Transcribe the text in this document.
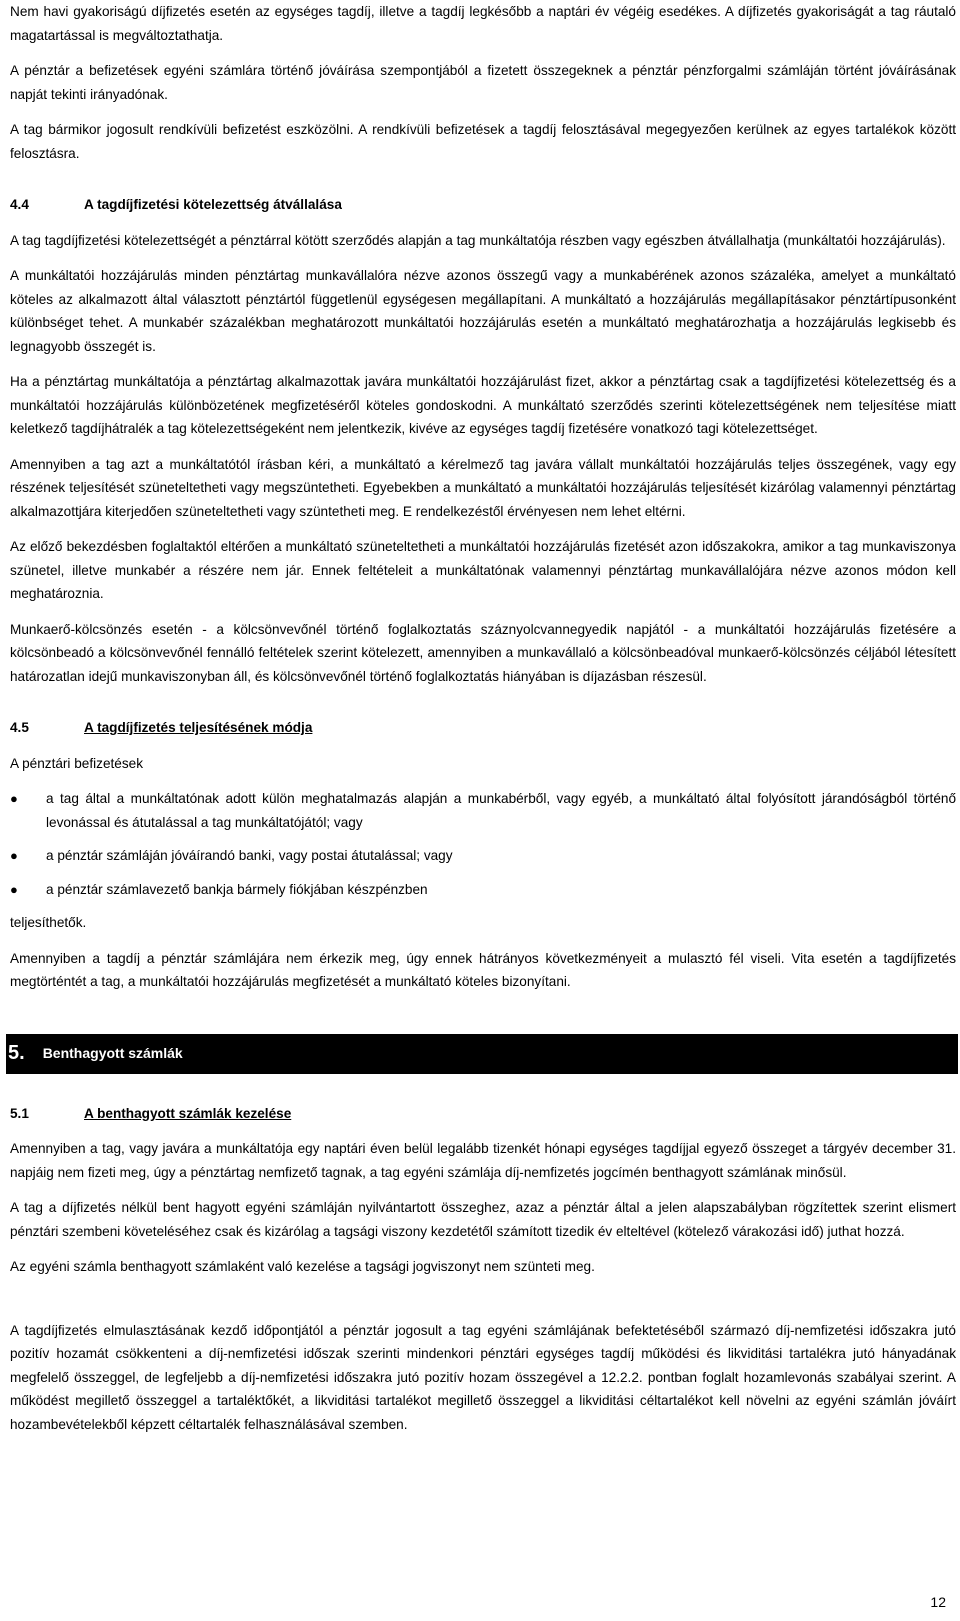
Nem havi gyakoriságú díjfizetés esetén az egységes tagdíj, illetve a tagdíj legkésőbb a naptári év végéig esedékes. A díjfizetés gyakoriságát a tag ráutaló magatartással is megváltoztathatja.

A pénztár a befizetések egyéni számlára történő jóváírása szempontjából a fizetett összegeknek a pénztár pénzforgalmi számláján történt jóváírásának napját tekinti irányadónak.

A tag bármikor jogosult rendkívüli befizetést eszközölni. A rendkívüli befizetések a tagdíj felosztásával megegyezően kerülnek az egyes tartalékok között felosztásra.

4.4	A tagdíjfizetési kötelezettség átvállalása

A tag tagdíjfizetési kötelezettségét a pénztárral kötött szerződés alapján a tag munkáltatója részben vagy egészben átvállalhatja (munkáltatói hozzájárulás).

A munkáltatói hozzájárulás minden pénztártag munkavállalóra nézve azonos összegű vagy a munkabérének azonos százaléka, amelyet a munkáltató köteles az alkalmazott által választott pénztártól függetlenül egységesen megállapítani. A munkáltató a hozzájárulás megállapításakor pénztártípusonként különbséget tehet. A munkabér százalékban meghatározott munkáltatói hozzájárulás esetén a munkáltató meghatározhatja a hozzájárulás legkisebb és legnagyobb összegét is.

Ha a pénztártag munkáltatója a pénztártag alkalmazottak javára munkáltatói hozzájárulást fizet, akkor a pénztártag csak a tagdíjfizetési kötelezettség és a munkáltatói hozzájárulás különbözetének megfizetéséről köteles gondoskodni. A munkáltató szerződés szerinti kötelezettségének nem teljesítése miatt keletkező tagdíjhátralék a tag kötelezettségeként nem jelentkezik, kivéve az egységes tagdíj fizetésére vonatkozó tagi kötelezettséget.

Amennyiben a tag azt a munkáltatótól írásban kéri, a munkáltató a kérelmező tag javára vállalt munkáltatói hozzájárulás teljes összegének, vagy egy részének teljesítését szüneteltetheti vagy megszüntetheti. Egyebekben a munkáltató a munkáltatói hozzájárulás teljesítését kizárólag valamennyi pénztártag alkalmazottjára kiterjedően szüneteltetheti vagy szüntetheti meg. E rendelkezéstől érvényesen nem lehet eltérni.

Az előző bekezdésben foglaltaktól eltérően a munkáltató szüneteltetheti a munkáltatói hozzájárulás fizetését azon időszakokra, amikor a tag munkaviszonya szünetel, illetve munkabér a részére nem jár. Ennek feltételeit a munkáltatónak valamennyi pénztártag munkavállalójára nézve azonos módon kell meghatároznia.

Munkaerő-kölcsönzés esetén - a kölcsönvevőnél történő foglalkoztatás száznyolcvannegyedik napjától - a munkáltatói hozzájárulás fizetésére a kölcsönbeadó a kölcsönvevőnél fennálló feltételek szerint kötelezett, amennyiben a munkavállaló a kölcsönbeadóval munkaerő-kölcsönzés céljából létesített határozatlan idejű munkaviszonyban áll, és kölcsönvevőnél történő foglalkoztatás hiányában is díjazásban részesül.

4.5	A tagdíjfizetés teljesítésének módja

A pénztári befizetések

● a tag által a munkáltatónak adott külön meghatalmazás alapján a munkabérből, vagy egyéb, a munkáltató által folyósított járandóságból történő levonással és átutalással a tag munkáltatójától; vagy
● a pénztár számláján jóváírandó banki, vagy postai átutalással; vagy
● a pénztár számlavezető bankja bármely fiókjában készpénzben

teljesíthetők.

Amennyiben a tagdíj a pénztár számlájára nem érkezik meg, úgy ennek hátrányos következményeit a mulasztó fél viseli. Vita esetén a tagdíjfizetés megtörténtét a tag, a munkáltatói hozzájárulás megfizetését a munkáltató köteles bizonyítani.

5. Benthagyott számlák
5.1	A benthagyott számlák kezelése

Amennyiben a tag, vagy javára a munkáltatója egy naptári éven belül legalább tizenkét hónapi egységes tagdíjjal egyező összeget a tárgyév december 31. napjáig nem fizeti meg, úgy a pénztártag nemfizető tagnak, a tag egyéni számlája díj-nemfizetés jogcímén benthagyott számlának minősül.

A tag a díjfizetés nélkül bent hagyott egyéni számláján nyilvántartott összeghez, azaz a pénztár által a jelen alapszabályban rögzítettek szerint elismert pénztári szembeni követeléséhez csak és kizárólag a tagsági viszony kezdetétől számított tizedik év elteltével (kötelező várakozási idő) juthat hozzá.

Az egyéni számla benthagyott számlaként való kezelése a tagsági jogviszonyt nem szünteti meg.

A tagdíjfizetés elmulasztásának kezdő időpontjától a pénztár jogosult a tag egyéni számlájának befektetéséből származó díj-nemfizetési időszakra jutó pozitív hozamát csökkenteni a díj-nemfizetési időszak szerinti mindenkori pénztári egységes tagdíj működési és likviditási tartalékra jutó hányadának megfelelő összeggel, de legfeljebb a díj-nemfizetési időszakra jutó pozitív hozam összegével a 12.2.2. pontban foglalt hozamlevonás szabályai szerint. A működést megillető összeggel a tartaléktőkét, a likviditási tartalékot megillető összeggel a likviditási céltartalékot kell növelni az egyéni számlán jóváírt hozambevételekből képzett céltartalék felhasználásával szemben.

12
